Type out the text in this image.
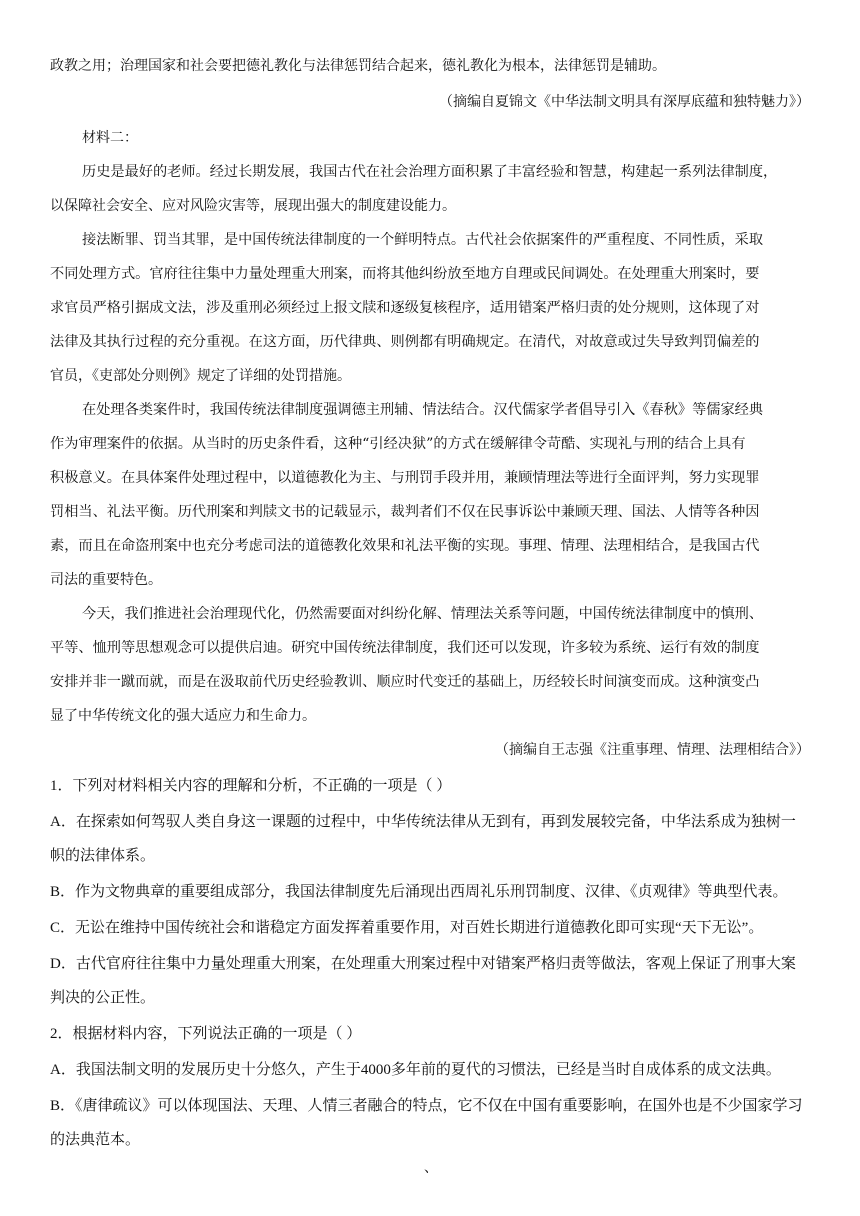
政教之用；治理国家和社会要把德礼教化与法律惩罚结合起来，德礼教化为根本，法律惩罚是辅助。
（摘编自夏锦文《中华法制文明具有深厚底蕴和独特魅力》）
材料二：
历史是最好的老师。经过长期发展，我国古代在社会治理方面积累了丰富经验和智慧，构建起一系列法律制度，
以保障社会安全、应对风险灾害等，展现出强大的制度建设能力。
接法断罪、罚当其罪，是中国传统法律制度的一个鲜明特点。古代社会依据案件的严重程度、不同性质，采取
不同处理方式。官府往往集中力量处理重大刑案，而将其他纠纷放至地方自理或民间调处。在处理重大刑案时，要
求官员严格引据成文法，涉及重刑必须经过上报文牍和逐级复核程序，适用错案严格归责的处分规则，这体现了对
法律及其执行过程的充分重视。在这方面，历代律典、则例都有明确规定。在清代，对故意或过失导致判罚偏差的
官员，《吏部处分则例》规定了详细的处罚措施。
在处理各类案件时，我国传统法律制度强调德主刑辅、情法结合。汉代儒家学者倡导引入《春秋》等儒家经典
作为审理案件的依据。从当时的历史条件看，这种“引经决狱”的方式在缓解律令苛酷、实现礼与刑的结合上具有
积极意义。在具体案件处理过程中，以道德教化为主、与刑罚手段并用，兼顾情理法等进行全面评判，努力实现罪
罚相当、礼法平衡。历代刑案和判牍文书的记载显示，裁判者们不仅在民事诉讼中兼顾天理、国法、人情等各种因
素，而且在命盗刑案中也充分考虑司法的道德教化效果和礼法平衡的实现。事理、情理、法理相结合，是我国古代
司法的重要特色。
今天，我们推进社会治理现代化，仍然需要面对纠纷化解、情理法关系等问题，中国传统法律制度中的慎刑、
平等、恤刑等思想观念可以提供启迪。研究中国传统法律制度，我们还可以发现，许多较为系统、运行有效的制度
安排并非一蹴而就，而是在汲取前代历史经验教训、顺应时代变迁的基础上，历经较长时间演变而成。这种演变凸
显了中华传统文化的强大适应力和生命力。
（摘编自王志强《注重事理、情理、法理相结合》）
1．下列对材料相关内容的理解和分析，不正确的一项是（ ）
A．在探索如何驾驭人类自身这一课题的过程中，中华传统法律从无到有，再到发展较完备，中华法系成为独树一
帜的法律体系。
B．作为文物典章的重要组成部分，我国法律制度先后涌现出西周礼乐刑罚制度、汉律、《贞观律》等典型代表。
C．无讼在维持中国传统社会和谐稳定方面发挥着重要作用，对百姓长期进行道德教化即可实现“天下无讼”。
D．古代官府往往集中力量处理重大刑案，在处理重大刑案过程中对错案严格归责等做法，客观上保证了刑事大案
判决的公正性。
2．根据材料内容，下列说法正确的一项是（ ）
A．我国法制文明的发展历史十分悠久，产生于4000多年前的夏代的习惯法，已经是当时自成体系的成文法典。
B．《唐律疏议》可以体现国法、天理、人情三者融合的特点，它不仅在中国有重要影响，在国外也是不少国家学习
的法典范本。
、
